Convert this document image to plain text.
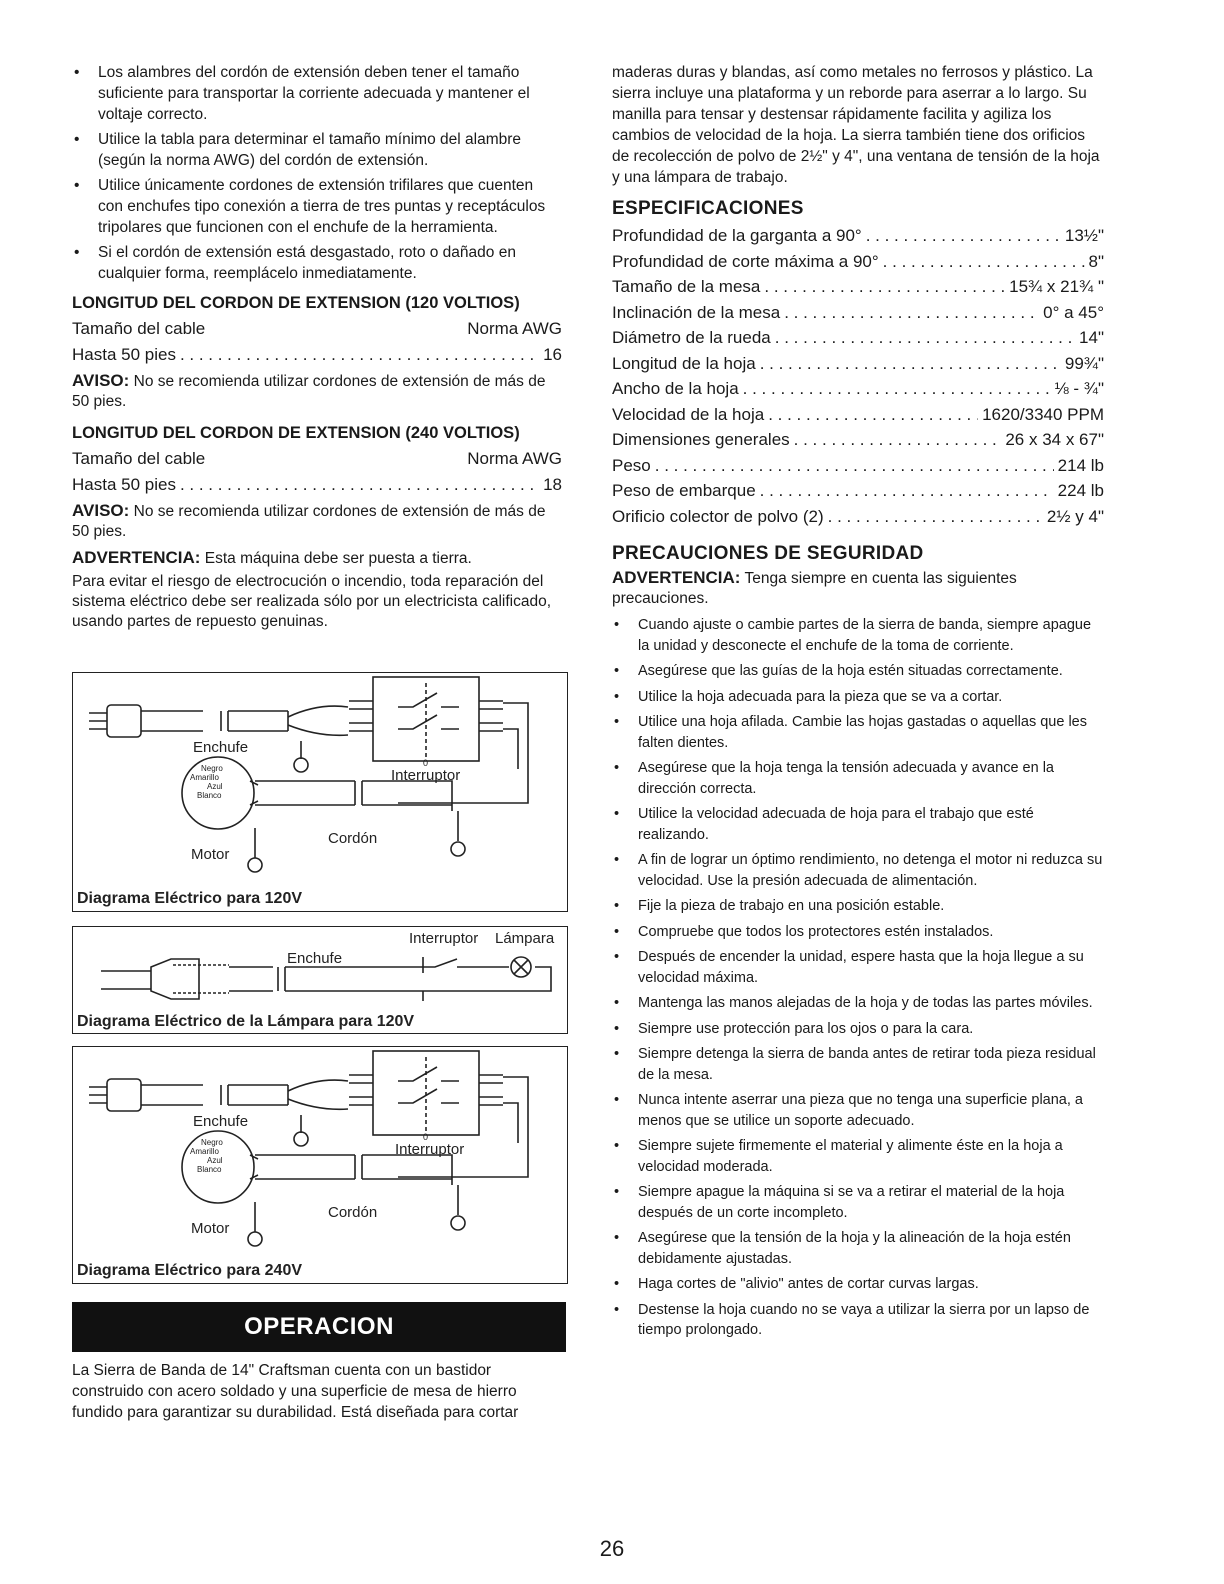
• Los alambres del cordón de extensión deben tener el tamaño suficiente para transportar la corriente adecuada y mantener el voltaje correcto.
• Utilice la tabla para determinar el tamaño mínimo del alambre (según la norma AWG) del cordón de extensión.
• Utilice únicamente cordones de extensión trifilares que cuenten con enchufes tipo conexión a tierra de tres puntas y receptáculos tripolares que funcionen con el enchufe de la herramienta.
• Si el cordón de extensión está desgastado, roto o dañado en cualquier forma, reemplácelo inmediatamente.
LONGITUD DEL CORDON DE EXTENSION (120 VOLTIOS)
Tamaño del cable	Norma AWG
Hasta 50 pies . . .	16

AVISO: No se recomienda utilizar cordones de extensión de más de 50 pies.

LONGITUD DEL CORDON DE EXTENSION (240 VOLTIOS)
Tamaño del cable	Norma AWG
Hasta 50 pies . . .	18

AVISO: No se recomienda utilizar cordones de extensión de más de 50 pies.

ADVERTENCIA: Esta máquina debe ser puesta a tierra.

Para evitar el riesgo de electrocución o incendio, toda reparación del sistema eléctrico debe ser realizada sólo por un electricista calificado, usando partes de repuesto genuinas.

Enchufe
Interruptor
Cordón
Motor
0
Negro
Amarillo
Azul
Blanco
Diagrama Eléctrico para 120V
Interruptor Lámpara
Enchufe
Diagrama Eléctrico de la Lámpara para 120V
Enchufe
Interruptor
Cordón
Motor
0
Negro
Amarillo
Azul
Blanco
Diagrama Eléctrico para 240V
OPERACION
La Sierra de Banda de 14" Craftsman cuenta con un bastidor construido con acero soldado y una superficie de mesa de hierro fundido para garantizar su durabilidad. Está diseñada para cortar
maderas duras y blandas, así como metales no ferrosos y plástico. La sierra incluye una plataforma y un reborde para aserrar a lo largo. Su manilla para tensar y destensar rápidamente facilita y agiliza los cambios de velocidad de la hoja. La sierra también tiene dos orificios de recolección de polvo de 2½" y 4", una ventana de tensión de la hoja y una lámpara de trabajo.
ESPECIFICACIONES
Profundidad de la garganta a 90° . . .	13½"
Profundidad de corte máxima a 90° . . .	8"
Tamaño de la mesa . . .	15¾ x 21¾ "
Inclinación de la mesa . . .	0° a 45°
Diámetro de la rueda . . .	14"
Longitud de la hoja . . .	99¾"
Ancho de la hoja . . .	⅛ - ¾"
Velocidad de la hoja . . .	1620/3340 PPM
Dimensiones generales . . .	26 x 34 x 67"
Peso . . .	214 lb
Peso de embarque . . .	224 lb
Orificio colector de polvo (2) . . .	2½ y 4"
PRECAUCIONES DE SEGURIDAD

ADVERTENCIA: Tenga siempre en cuenta las siguientes precauciones.

• Cuando ajuste o cambie partes de la sierra de banda, siempre apague la unidad y desconecte el enchufe de la toma de corriente.
• Asegúrese que las guías de la hoja estén situadas correctamente.
• Utilice la hoja adecuada para la pieza que se va a cortar.
• Utilice una hoja afilada. Cambie las hojas gastadas o aquellas que les falten dientes.
• Asegúrese que la hoja tenga la tensión adecuada y avance en la dirección correcta.
• Utilice la velocidad adecuada de hoja para el trabajo que esté realizando.
• A fin de lograr un óptimo rendimiento, no detenga el motor ni reduzca su velocidad. Use la presión adecuada de alimentación.
• Fije la pieza de trabajo en una posición estable.
• Compruebe que todos los protectores estén instalados.
• Después de encender la unidad, espere hasta que la hoja llegue a su velocidad máxima.
• Mantenga las manos alejadas de la hoja y de todas las partes móviles.
• Siempre use protección para los ojos o para la cara.
• Siempre detenga la sierra de banda antes de retirar toda pieza residual de la mesa.
• Nunca intente aserrar una pieza que no tenga una superficie plana, a menos que se utilice un soporte adecuado.
• Siempre sujete firmemente el material y alimente éste en la hoja a velocidad moderada.
• Siempre apague la máquina si se va a retirar el material de la hoja después de un corte incompleto.
• Asegúrese que la tensión de la hoja y la alineación de la hoja estén debidamente ajustadas.
• Haga cortes de "alivio" antes de cortar curvas largas.
• Destense la hoja cuando no se vaya a utilizar la sierra por un lapso de tiempo prolongado.
26
